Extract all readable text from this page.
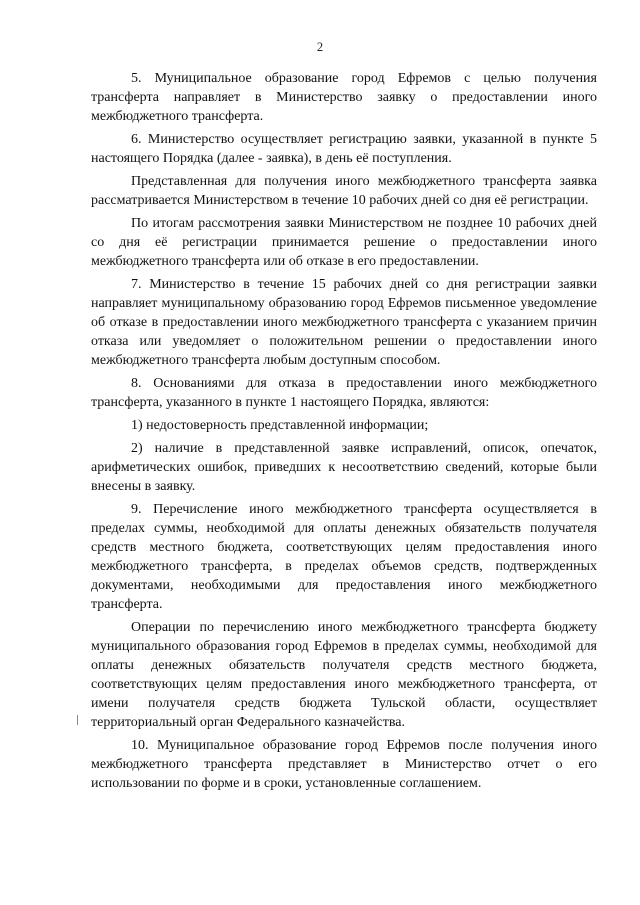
2

5. Муниципальное образование город Ефремов с целью получения трансферта направляет в Министерство заявку о предоставлении иного межбюджетного трансферта.

6. Министерство осуществляет регистрацию заявки, указанной в пункте 5 настоящего Порядка (далее - заявка), в день её поступления.

Представленная для получения иного межбюджетного трансферта заявка рассматривается Министерством в течение 10 рабочих дней со дня её регистрации.

По итогам рассмотрения заявки Министерством не позднее 10 рабочих дней со дня её регистрации принимается решение о предоставлении иного межбюджетного трансферта или об отказе в его предоставлении.

7. Министерство в течение 15 рабочих дней со дня регистрации заявки направляет муниципальному образованию город Ефремов письменное уведомление об отказе в предоставлении иного межбюджетного трансферта с указанием причин отказа или уведомляет о положительном решении о предоставлении иного межбюджетного трансферта любым доступным способом.

8. Основаниями для отказа в предоставлении иного межбюджетного трансферта, указанного в пункте 1 настоящего Порядка, являются:

1) недостоверность представленной информации;

2) наличие в представленной заявке исправлений, описок, опечаток, арифметических ошибок, приведших к несоответствию сведений, которые были внесены в заявку.

9. Перечисление иного межбюджетного трансферта осуществляется в пределах суммы, необходимой для оплаты денежных обязательств получателя средств местного бюджета, соответствующих целям предоставления иного межбюджетного трансферта, в пределах объемов средств, подтвержденных документами, необходимыми для предоставления иного межбюджетного трансферта.

Операции по перечислению иного межбюджетного трансферта бюджету муниципального образования город Ефремов в пределах суммы, необходимой для оплаты денежных обязательств получателя средств местного бюджета, соответствующих целям предоставления иного межбюджетного трансферта, от имени получателя средств бюджета Тульской области, осуществляет территориальный орган Федерального казначейства.

10. Муниципальное образование город Ефремов после получения иного межбюджетного трансферта представляет в Министерство отчет о его использовании по форме и в сроки, установленные соглашением.
